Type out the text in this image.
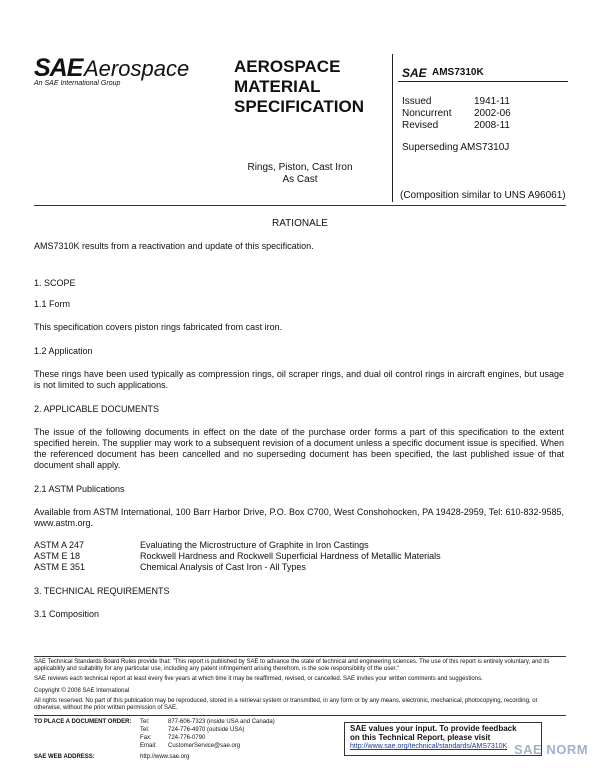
SAE Aerospace
An SAE International Group
AEROSPACE
MATERIAL
SPECIFICATION
SAE AMS7310K
Issued	1941-11
Noncurrent 2002-06
Revised	2008-11
Superseding AMS7310J
Rings, Piston, Cast Iron
As Cast
(Composition similar to UNS A96061)
RATIONALE
AMS7310K results from a reactivation and update of this specification.
1. SCOPE
1.1 Form
This specification covers piston rings fabricated from cast iron.
1.2 Application
These rings have been used typically as compression rings, oil scraper rings, and dual oil control rings in aircraft engines, but usage is not limited to such applications.
2. APPLICABLE DOCUMENTS
The issue of the following documents in effect on the date of the purchase order forms a part of this specification to the extent specified herein. The supplier may work to a subsequent revision of a document unless a specific document issue is specified. When the referenced document has been cancelled and no superseding document has been specified, the last published issue of that document shall apply.
2.1 ASTM Publications
Available from ASTM International, 100 Barr Harbor Drive, P.O. Box C700, West Conshohocken, PA 19428-2959, Tel: 610-832-9585, www.astm.org.
ASTM A 247	Evaluating the Microstructure of Graphite in Iron Castings
ASTM E 18	Rockwell Hardness and Rockwell Superficial Hardness of Metallic Materials
ASTM E 351	Chemical Analysis of Cast Iron - All Types
3. TECHNICAL REQUIREMENTS
3.1 Composition
SAE Technical Standards Board Rules provide that: "This report is published by SAE to advance the state of technical and engineering sciences. The use of this report is entirely voluntary, and its applicability and suitability for any particular use, including any patent infringement arising therefrom, is the sole responsibility of the user."
SAE reviews each technical report at least every five years at which time it may be reaffirmed, revised, or cancelled. SAE invites your written comments and suggestions.
Copyright © 2008 SAE International
All rights reserved. No part of this publication may be reproduced, stored in a retrieval system or transmitted, in any form or by any means, electronic, mechanical, photocopying, recording, or otherwise, without the prior written permission of SAE.
TO PLACE A DOCUMENT ORDER:
SAE WEB ADDRESS:
Tel:	877-606-7323 (inside USA and Canada)
Tel:	724-776-4970 (outside USA)
Fax:	724-776-0790
Email: CustomerService@sae.org
http://www.sae.org
SAE values your input. To provide feedback
on this Technical Report, please visit
http://www.sae.org/technical/standards/AMS7310K SAE NORM
